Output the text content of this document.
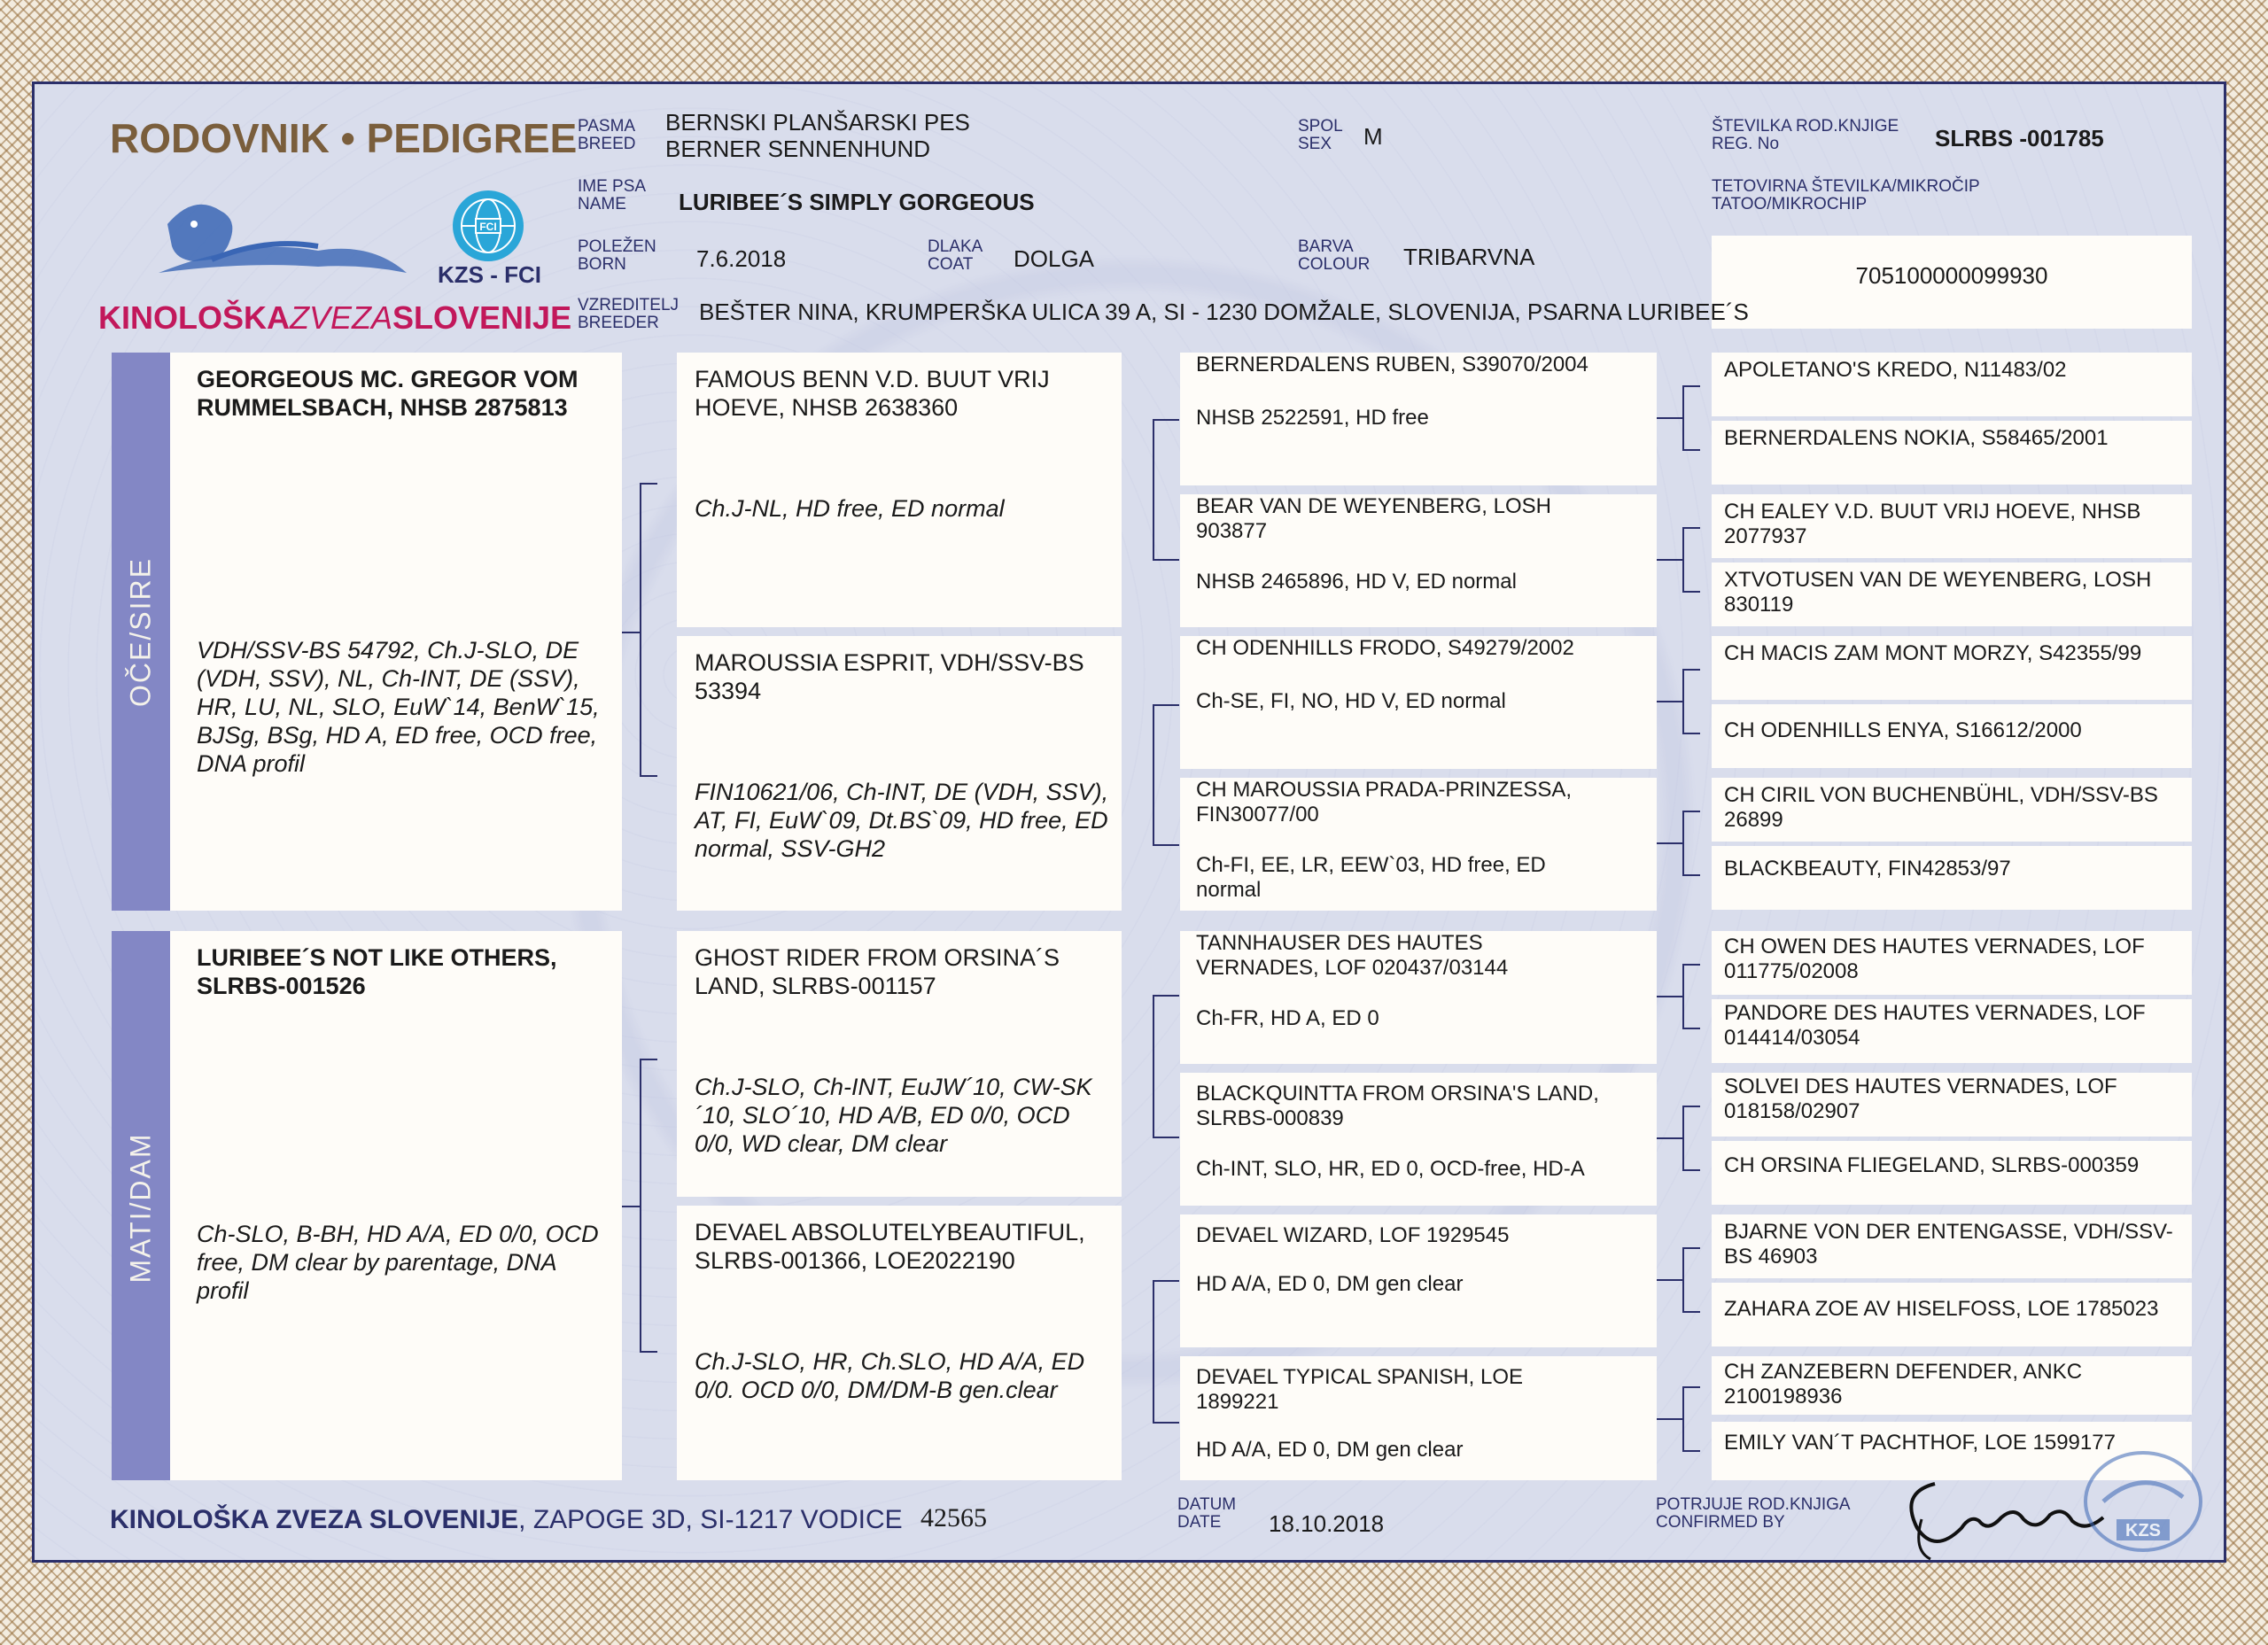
RODOVNIK • PEDIGREE
FCI
KZS - FCI
KINOLOŠKAZVEZASLOVENIJE
PASMA
BREED
BERNSKI PLANŠARSKI PES
BERNER SENNENHUND
SPOL
SEX	M	ŠTEVILKA ROD.KNJIGE
REG. No	SLRBS -001785
IME PSA
NAME	LURIBEE´S SIMPLY GORGEOUS
TETOVIRNA ŠTEVILKA/MIKROČIP
TATOO/MIKROCHIP
705100000099930
POLEŽEN
BORN	7.6.2018	DLAKA
COAT	DOLGA	BARVA
COLOUR TRIBARVNA
VZREDITELJ
BREEDER	BEŠTER NINA, KRUMPERŠKA ULICA 39 A, SI - 1230 DOMŽALE, SLOVENIJA, PSARNA LURIBEE´S
OČE/SIRE
MATI/DAM
GEORGEOUS MC. GREGOR VOM RUMMELSBACH, NHSB 2875813
VDH/SSV-BS 54792, Ch.J-SLO, DE (VDH, SSV), NL, Ch-INT, DE (SSV), HR, LU, NL, SLO, EuW`14, BenW`15, BJSg, BSg, HD A, ED free, OCD free, DNA profil
LURIBEE´S NOT LIKE OTHERS, SLRBS-001526
Ch-SLO, B-BH, HD A/A, ED 0/0, OCD free, DM clear by parentage, DNA profil
FAMOUS BENN V.D. BUUT VRIJ HOEVE, NHSB 2638360
Ch.J-NL, HD free, ED normal
MAROUSSIA ESPRIT, VDH/SSV-BS 53394
FIN10621/06, Ch-INT, DE (VDH, SSV), AT, FI, EuW`09, Dt.BS`09, HD free, ED normal, SSV-GH2
GHOST RIDER FROM ORSINA´S LAND, SLRBS-001157
Ch.J-SLO, Ch-INT, EuJW´10, CW-SK´10, SLO´10, HD A/B, ED 0/0, OCD 0/0, WD clear, DM clear
DEVAEL ABSOLUTELYBEAUTIFUL, SLRBS-001366, LOE2022190
Ch.J-SLO, HR, Ch.SLO, HD A/A, ED 0/0. OCD 0/0, DM/DM-B gen.clear
BERNERDALENS RUBEN, S39070/2004
NHSB 2522591, HD free
BEAR VAN DE WEYENBERG, LOSH 903877
NHSB 2465896, HD V, ED normal
CH ODENHILLS FRODO, S49279/2002
Ch-SE, FI, NO, HD V, ED normal
CH MAROUSSIA PRADA-PRINZESSA, FIN30077/00
Ch-FI, EE, LR, EEW`03, HD free, ED normal
TANNHAUSER DES HAUTES VERNADES, LOF 020437/03144
Ch-FR, HD A, ED 0
BLACKQUINTTA FROM ORSINA'S LAND, SLRBS-000839
Ch-INT, SLO, HR, ED 0, OCD-free, HD-A
DEVAEL WIZARD, LOF 1929545
HD A/A, ED 0, DM gen clear
DEVAEL TYPICAL SPANISH, LOE 1899221
HD A/A, ED 0, DM gen clear
APOLETANO'S KREDO, N11483/02
BERNERDALENS NOKIA, S58465/2001
CH EALEY V.D. BUUT VRIJ HOEVE, NHSB 2077937
XTVOTUSEN VAN DE WEYENBERG, LOSH 830119
CH MACIS ZAM MONT MORZY, S42355/99
CH ODENHILLS ENYA, S16612/2000
CH CIRIL VON BUCHENBÜHL, VDH/SSV-BS 26899
BLACKBEAUTY, FIN42853/97
CH OWEN DES HAUTES VERNADES, LOF 011775/02008
PANDORE DES HAUTES VERNADES, LOF 014414/03054
SOLVEI DES HAUTES VERNADES, LOF 018158/02907
CH ORSINA FLIEGELAND, SLRBS-000359
BJARNE VON DER ENTENGASSE, VDH/SSV-BS 46903
ZAHARA ZOE AV HISELFOSS, LOE 1785023
CH ZANZEBERN DEFENDER, ANKC 2100198936
EMILY VAN´T PACHTHOF, LOE 1599177
KINOLOŠKA ZVEZA SLOVENIJE, ZAPOGE 3D, SI-1217 VODICE 42565	DATUM
DATE	18.10.2018
POTRJUJE ROD.KNJIGA
CONFIRMED BY	KZS
